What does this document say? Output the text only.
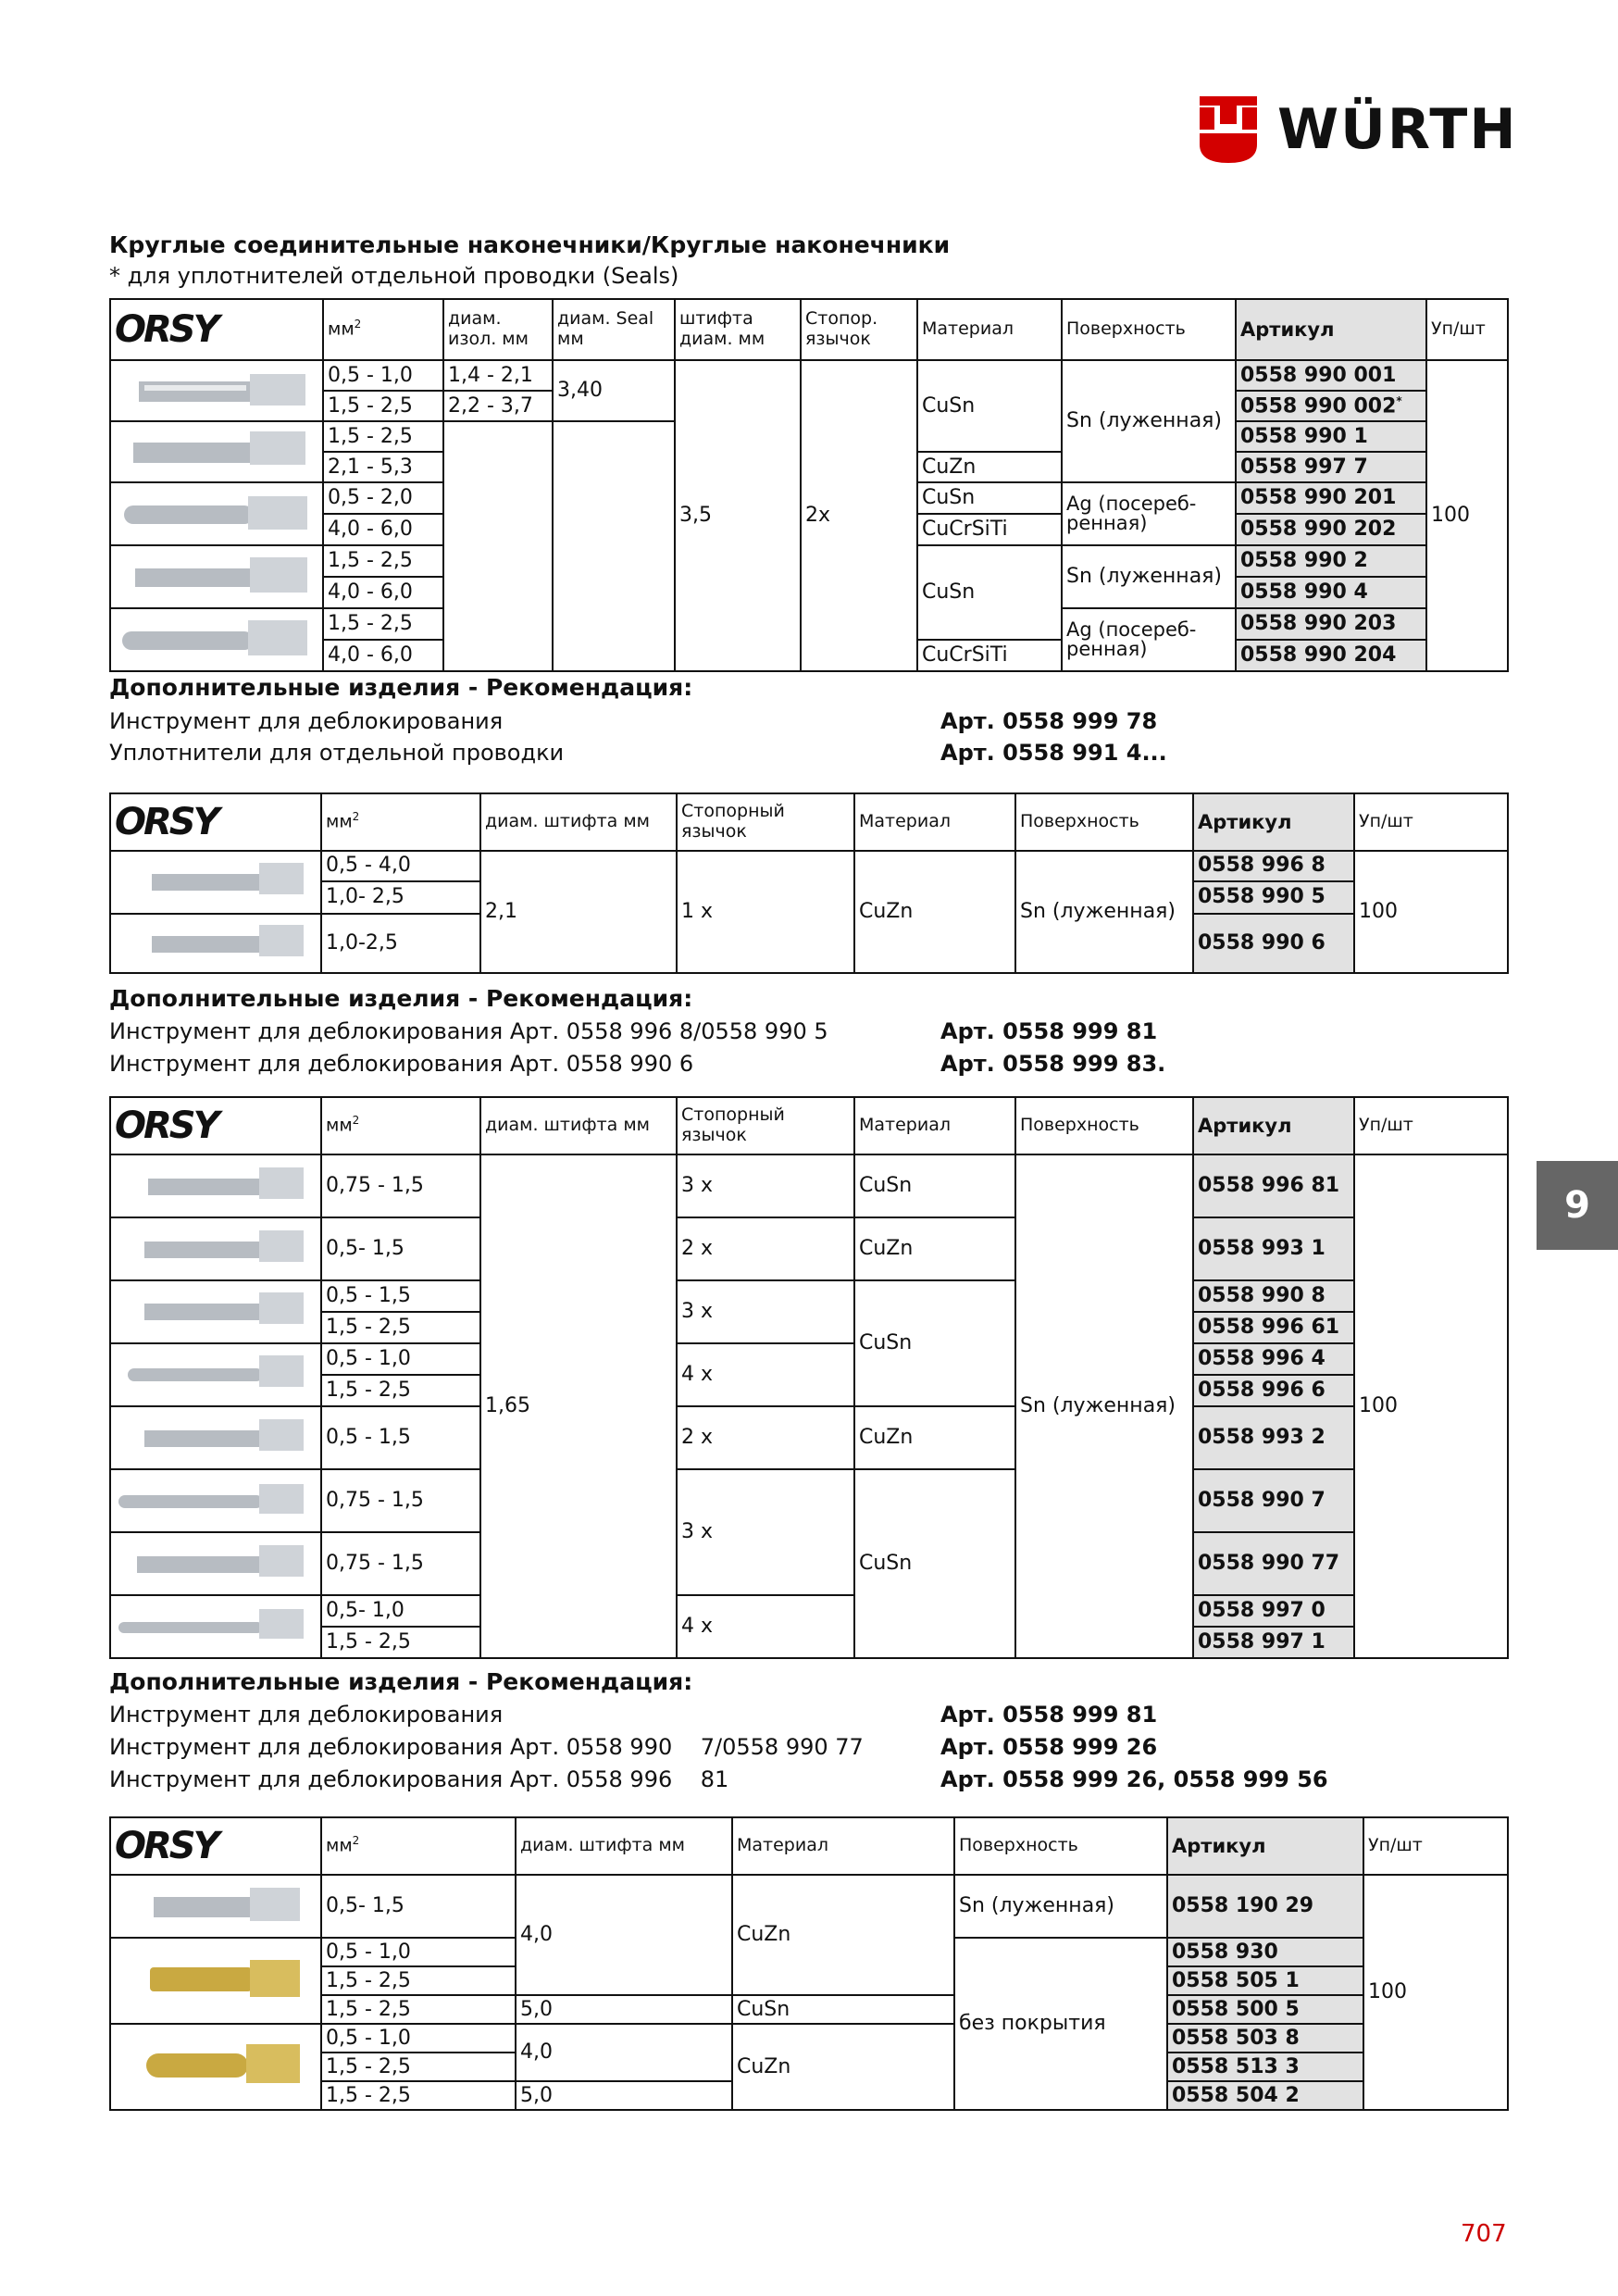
WÜRTH
Круглые соединительные наконечники/Круглые наконечники
* для уплотнителей отдельной проводки (Seals)
ORSY	$мм^2$	диам. изол. мм	диам. Seal мм	штифта диам. мм	Стопор. язычок	Материал	Поверхность	Артикул	Уп/шт

	0,5 - 1,0	1,4 - 2,1	3,40	3,5	2x	CuSn	Sn (луженная)	0558 990 001	100
	1,5 - 2,5	2,2 - 3,7						0558 990 002*

	1,5 - 2,5							0558 990 1	
	2,1 - 5,3					CuZn		0558 997 7	

	0,5 - 2,0					CuSn	Ag (посереб-ренная)	0558 990 201	
	4,0 - 6,0					CuCrSiTi		0558 990 202	

	1,5 - 2,5					CuSn	Sn (луженная)	0558 990 2	
	4,0 - 6,0							0558 990 4	

	1,5 - 2,5						Ag (посереб-ренная)	0558 990 203	
	4,0 - 6,0					CuCrSiTi		0558 990 204	
Дополнительные изделия - Рекомендация:
Инструмент для деблокирования	Арт. 0558 999 78
Уплотнители для отдельной проводки	Арт. 0558 991 4...
ORSY	$мм^2$	диам. штифта мм	Стопорный язычок	Материал	Поверхность	Артикул	Уп/шт

	0,5 - 4,0	2,1	1 x	CuZn	Sn (луженная)	0558 996 8	100
	1,0- 2,5					0558 990 5	

	1,0-2,5					0558 990 6	
Дополнительные изделия - Рекомендация:
Инструмент для деблокирования Арт. 0558 996 8/0558 990 5	Арт. 0558 999 81
Инструмент для деблокирования Арт. 0558 990 6	Арт. 0558 999 83.
ORSY	$мм^2$	диам. штифта мм	Стопорный язычок	Материал	Поверхность	Артикул	Уп/шт

	0,75 - 1,5	1,65	3 x	CuSn	Sn (луженная)	0558 996 81	100

	0,5- 1,5		2 x	CuZn		0558 993 1	

	0,5 - 1,5		3 x	CuSn		0558 990 8	
	1,5 - 2,5					0558 996 61	

	0,5 - 1,0		4 x			0558 996 4	
	1,5 - 2,5					0558 996 6	

	0,5 - 1,5		2 x	CuZn		0558 993 2	

	0,75 - 1,5		3 x	CuSn		0558 990 7	

	0,75 - 1,5					0558 990 77	

	0,5- 1,0		4 x			0558 997 0	
	1,5 - 2,5					0558 997 1	
Дополнительные изделия - Рекомендация:
Инструмент для деблокирования	Арт. 0558 999 81
Инструмент для деблокирования Арт. 0558 990    7/0558 990 77	Арт. 0558 999 26
Инструмент для деблокирования Арт. 0558 996    81	Арт. 0558 999 26, 0558 999 56
ORSY	$мм^2$	диам. штифта мм	Материал	Поверхность	Артикул	Уп/шт

	0,5- 1,5	4,0	CuZn	Sn (луженная)	0558 190 29	100

	0,5 - 1,0			без покрытия	0558 930	
	1,5 - 2,5				0558 505 1	
	1,5 - 2,5	5,0	CuSn		0558 500 5	

	0,5 - 1,0	4,0	CuZn		0558 503 8	
	1,5 - 2,5				0558 513 3	
	1,5 - 2,5	5,0			0558 504 2	
9
707
